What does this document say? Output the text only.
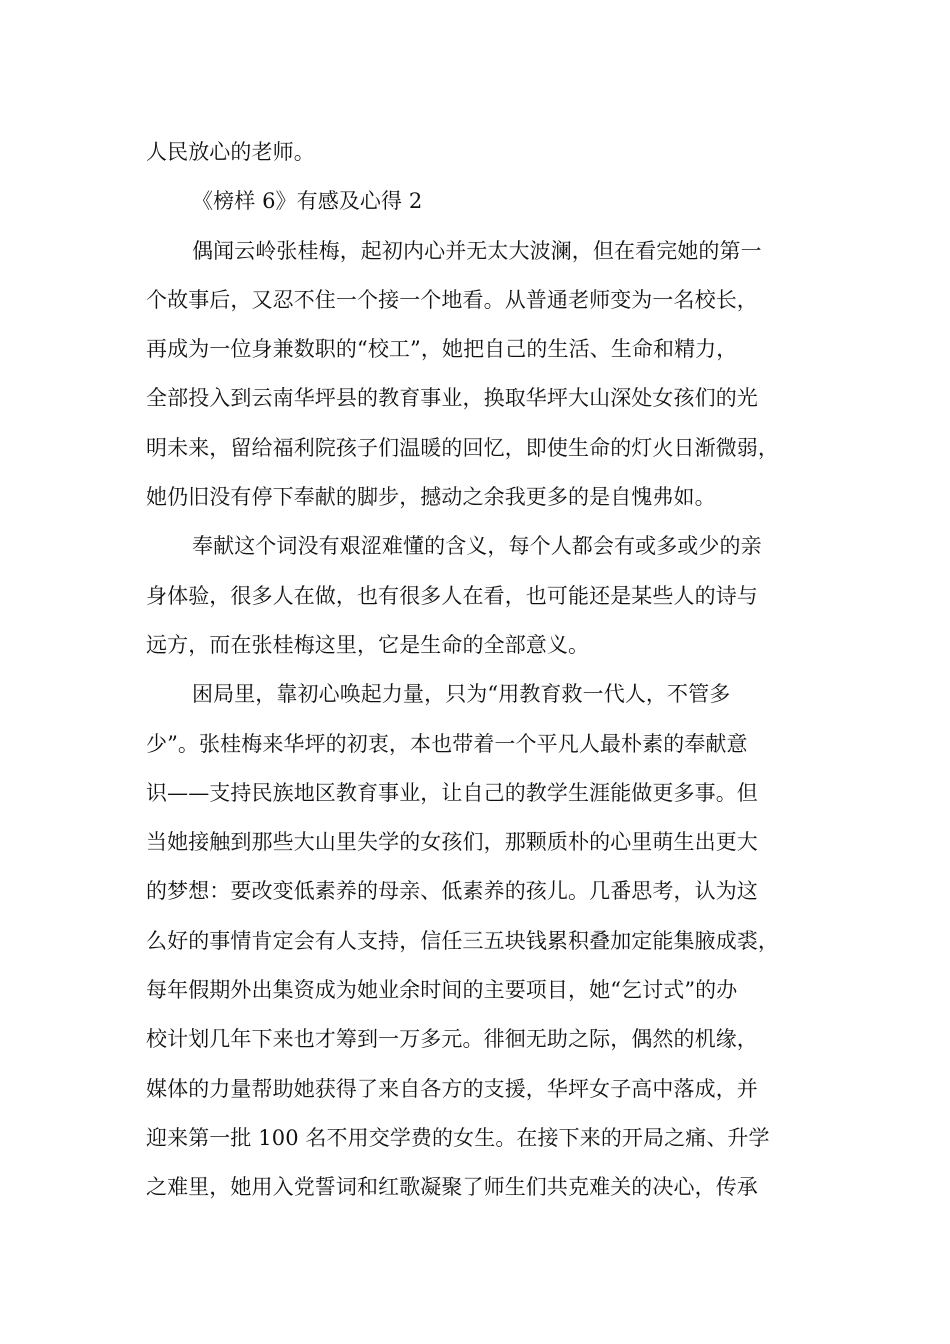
人民放心的老师。
《榜样 6》有感及心得 2
偶闻云岭张桂梅，起初内心并无太大波澜，但在看完她的第一
个故事后，又忍不住一个接一个地看。从普通老师变为一名校长，
再成为一位身兼数职的“校工”，她把自己的生活、生命和精力，
全部投入到云南华坪县的教育事业，换取华坪大山深处女孩们的光
明未来，留给福利院孩子们温暖的回忆，即使生命的灯火日渐微弱，
她仍旧没有停下奉献的脚步，撼动之余我更多的是自愧弗如。
奉献这个词没有艰涩难懂的含义，每个人都会有或多或少的亲
身体验，很多人在做，也有很多人在看，也可能还是某些人的诗与
远方，而在张桂梅这里，它是生命的全部意义。
困局里，靠初心唤起力量，只为“用教育救一代人，不管多
少”。张桂梅来华坪的初衷，本也带着一个平凡人最朴素的奉献意
识——支持民族地区教育事业，让自己的教学生涯能做更多事。但
当她接触到那些大山里失学的女孩们，那颗质朴的心里萌生出更大
的梦想：要改变低素养的母亲、低素养的孩儿。几番思考，认为这
么好的事情肯定会有人支持，信任三五块钱累积叠加定能集腋成裘，
每年假期外出集资成为她业余时间的主要项目，她“乞讨式”的办
校计划几年下来也才筹到一万多元。徘徊无助之际，偶然的机缘，
媒体的力量帮助她获得了来自各方的支援，华坪女子高中落成，并
迎来第一批 100 名不用交学费的女生。在接下来的开局之痛、升学
之难里，她用入党誓词和红歌凝聚了师生们共克难关的决心，传承
